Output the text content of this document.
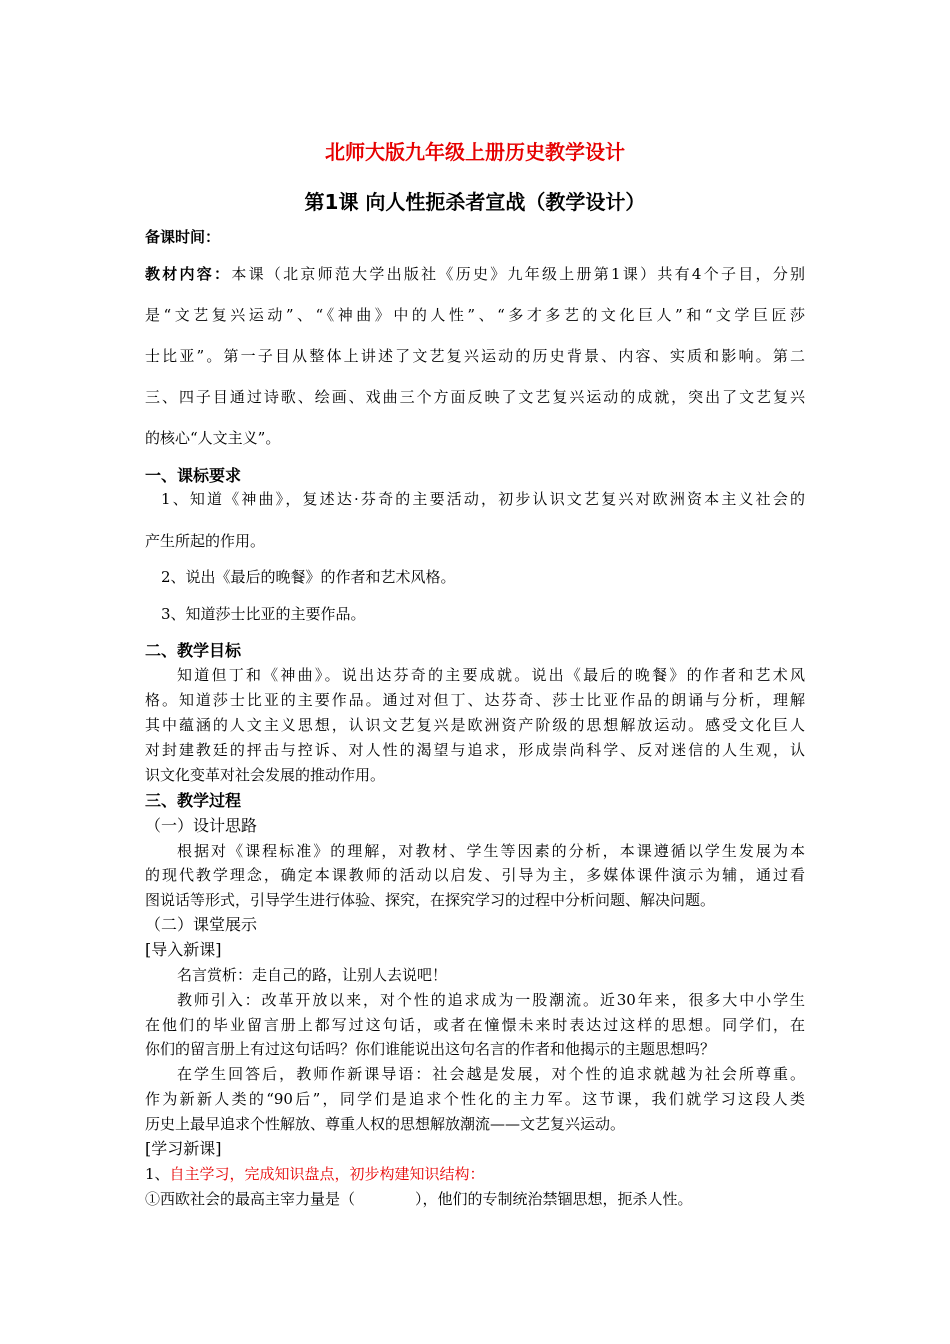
北师大版九年级上册历史教学设计
第1课 向人性扼杀者宣战（教学设计）

备课时间：

教材内容：本课（北京师范大学出版社《历史》九年级上册第1课）共有4个子目，分别

是“文艺复兴运动”、“《神曲》中的人性”、“多才多艺的文化巨人”和“文学巨匠莎

士比亚”。第一子目从整体上讲述了文艺复兴运动的历史背景、内容、实质和影响。第二

三、四子目通过诗歌、绘画、戏曲三个方面反映了文艺复兴运动的成就，突出了文艺复兴

的核心“人文主义”。

一、课标要求

1、知道《神曲》，复述达·芬奇的主要活动，初步认识文艺复兴对欧洲资本主义社会的

产生所起的作用。

2、说出《最后的晚餐》的作者和艺术风格。

3、知道莎士比亚的主要作品。

二、教学目标

知道但丁和《神曲》。说出达芬奇的主要成就。说出《最后的晚餐》的作者和艺术风

格。知道莎士比亚的主要作品。通过对但丁、达芬奇、莎士比亚作品的朗诵与分析，理解

其中蕴涵的人文主义思想，认识文艺复兴是欧洲资产阶级的思想解放运动。感受文化巨人

对封建教廷的抨击与控诉、对人性的渴望与追求，形成崇尚科学、反对迷信的人生观，认

识文化变革对社会发展的推动作用。

三、教学过程

（一）设计思路

根据对《课程标准》的理解，对教材、学生等因素的分析，本课遵循以学生发展为本

的现代教学理念，确定本课教师的活动以启发、引导为主，多媒体课件演示为辅，通过看

图说话等形式，引导学生进行体验、探究，在探究学习的过程中分析问题、解决问题。

（二）课堂展示

[导入新课]

名言赏析：走自己的路，让别人去说吧！

教师引入：改革开放以来，对个性的追求成为一股潮流。近30年来，很多大中小学生

在他们的毕业留言册上都写过这句话，或者在憧憬未来时表达过这样的思想。同学们，在

你们的留言册上有过这句话吗？你们谁能说出这句名言的作者和他揭示的主题思想吗？

在学生回答后，教师作新课导语：社会越是发展，对个性的追求就越为社会所尊重。

作为新新人类的“90后”，同学们是追求个性化的主力军。这节课，我们就学习这段人类

历史上最早追求个性解放、尊重人权的思想解放潮流——文艺复兴运动。

[学习新课]

1、自主学习，完成知识盘点，初步构建知识结构：

①西欧社会的最高主宰力量是（　　　　），他们的专制统治禁锢思想，扼杀人性。
